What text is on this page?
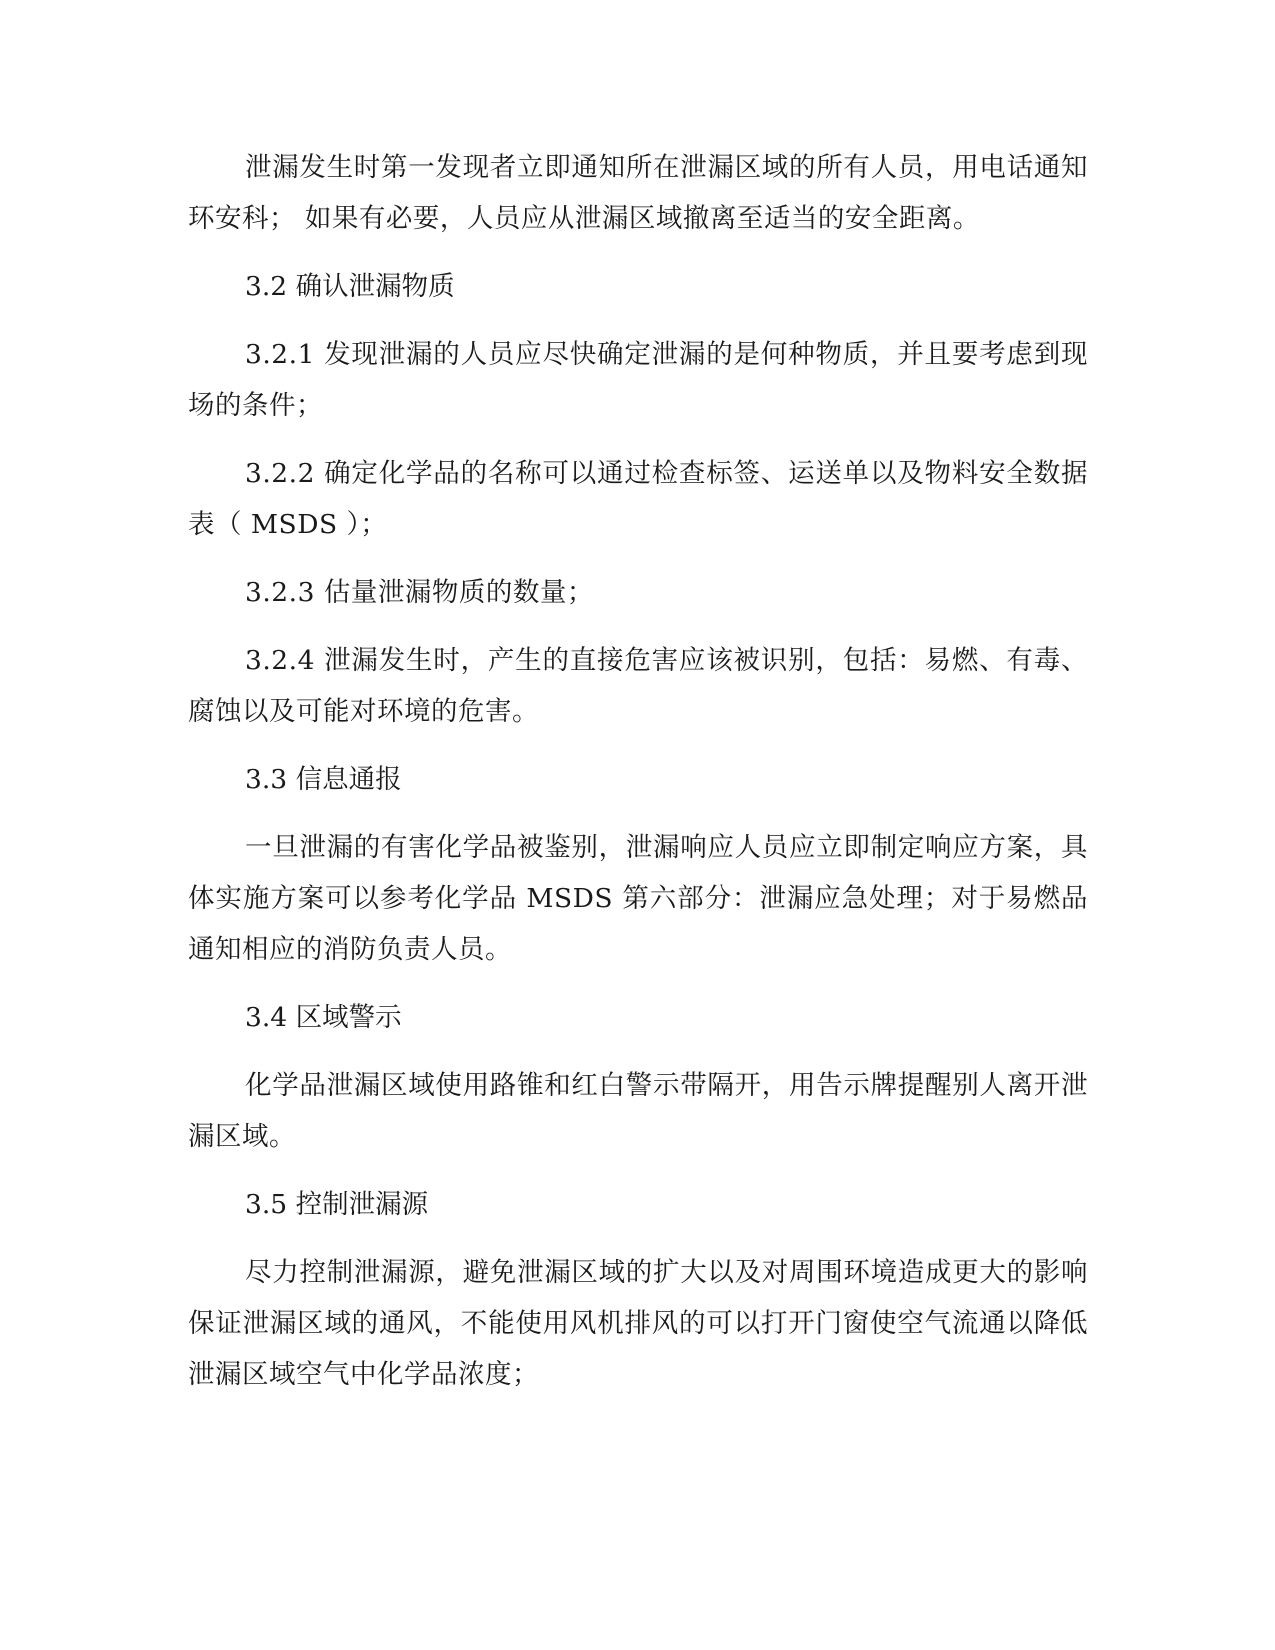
泄漏发生时第一发现者立即通知所在泄漏区域的所有人员，用电话通知 环安科； 如果有必要，人员应从泄漏区域撤离至适当的安全距离。

3.2 确认泄漏物质

3.2.1 发现泄漏的人员应尽快确定泄漏的是何种物质，并且要考虑到现场的条件；

3.2.2 确定化学品的名称可以通过检查标签、运送单以及物料安全数据表（ MSDS ）；

3.2.3 估量泄漏物质的数量；

3.2.4 泄漏发生时，产生的直接危害应该被识别，包括：易燃、有毒、腐蚀以及可能对环境的危害。

3.3 信息通报

一旦泄漏的有害化学品被鉴别，泄漏响应人员应立即制定响应方案，具体实施方案可以参考化学品 MSDS 第六部分：泄漏应急处理；对于易燃品通知相应的消防负责人员。

3.4 区域警示

化学品泄漏区域使用路锥和红白警示带隔开，用告示牌提醒别人离开泄漏区域。

3.5 控制泄漏源

尽力控制泄漏源，避免泄漏区域的扩大以及对周围环境造成更大的影响保证泄漏区域的通风，不能使用风机排风的可以打开门窗使空气流通以降低泄漏区域空气中化学品浓度；
